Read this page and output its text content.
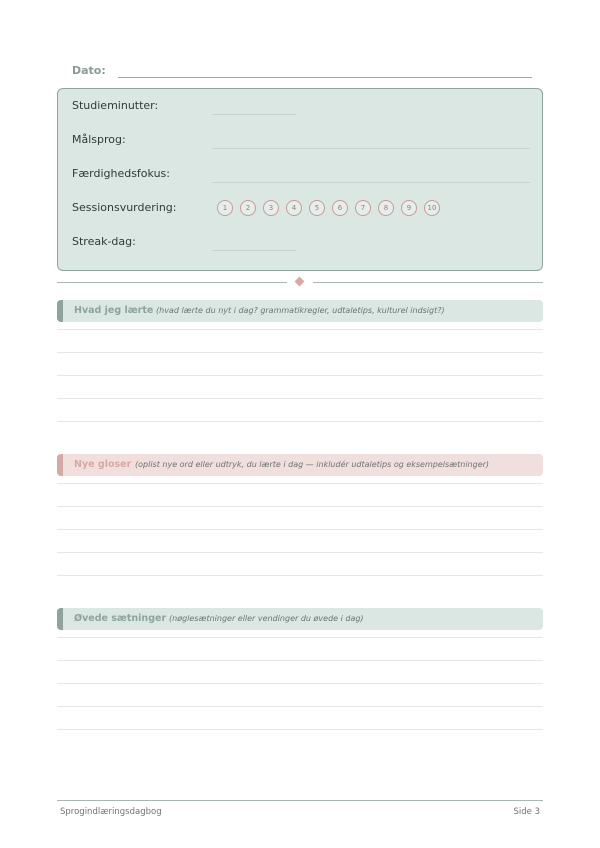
Dato:
Studieminutter:
Målsprog:
Færdighedsfokus:
Sessionsvurdering:	1	2	3	4	5	6	7	8	9	10
Streak-dag:
Hvad jeg lærte (hvad lærte du nyt i dag? grammatikregler, udtaletips, kulturel indsigt?)
Nye gloser (oplist nye ord eller udtryk, du lærte i dag — inkludér udtaletips og eksempelsætninger)
Øvede sætninger (nøglesætninger eller vendinger du øvede i dag)
Sprogindlæringsdagbog	Side 3
